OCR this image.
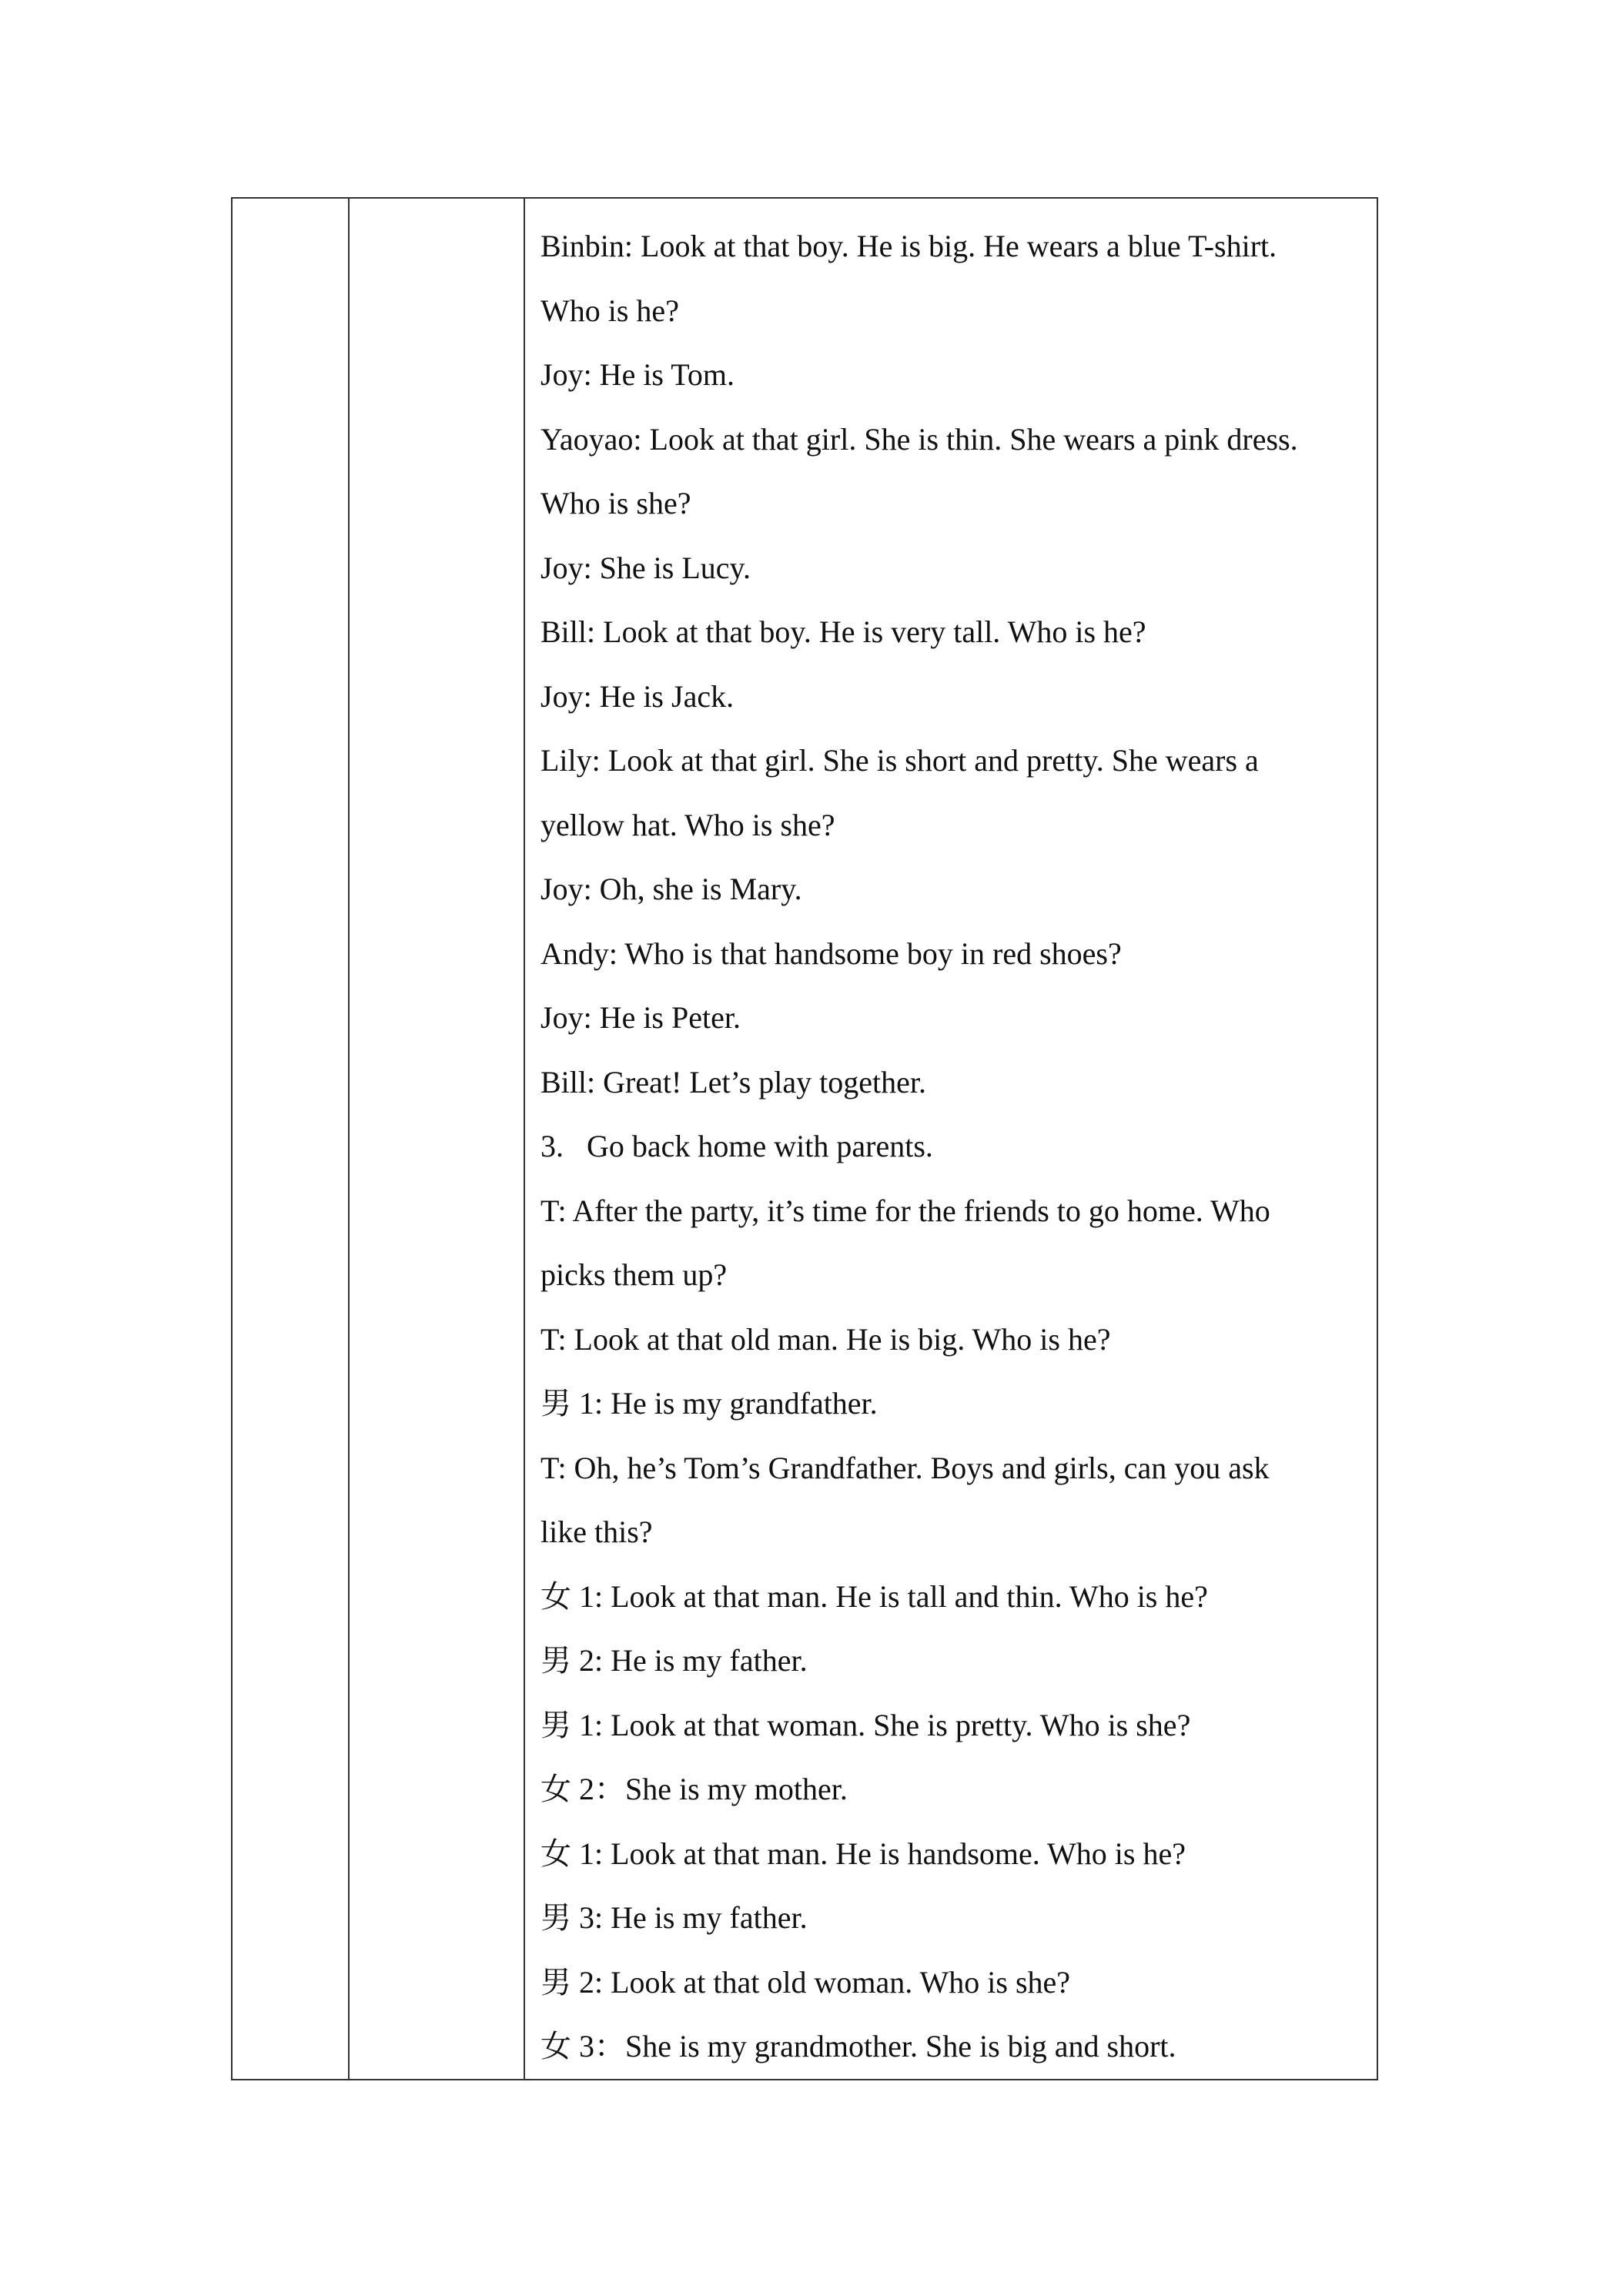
Binbin: Look at that boy. He is big. He wears a blue T-shirt.

Who is he?

Joy: He is Tom.

Yaoyao: Look at that girl. She is thin. She wears a pink dress.

Who is she?

Joy: She is Lucy.

Bill: Look at that boy. He is very tall. Who is he?

Joy: He is Jack.

Lily: Look at that girl. She is short and pretty. She wears a

yellow hat. Who is she?

Joy: Oh, she is Mary.

Andy: Who is that handsome boy in red shoes?

Joy: He is Peter.

Bill: Great! Let’s play together.

3.   Go back home with parents.

T: After the party, it’s time for the friends to go home. Who

picks them up?

T: Look at that old man. He is big. Who is he?

男 1: He is my grandfather.

T: Oh, he’s Tom’s Grandfather. Boys and girls, can you ask

like this?

女 1: Look at that man. He is tall and thin. Who is he?

男 2: He is my father.

男 1: Look at that woman. She is pretty. Who is she?

女 2：She is my mother.

女 1: Look at that man. He is handsome. Who is he?

男 3: He is my father.

男 2: Look at that old woman. Who is she?

女 3：She is my grandmother. She is big and short.
